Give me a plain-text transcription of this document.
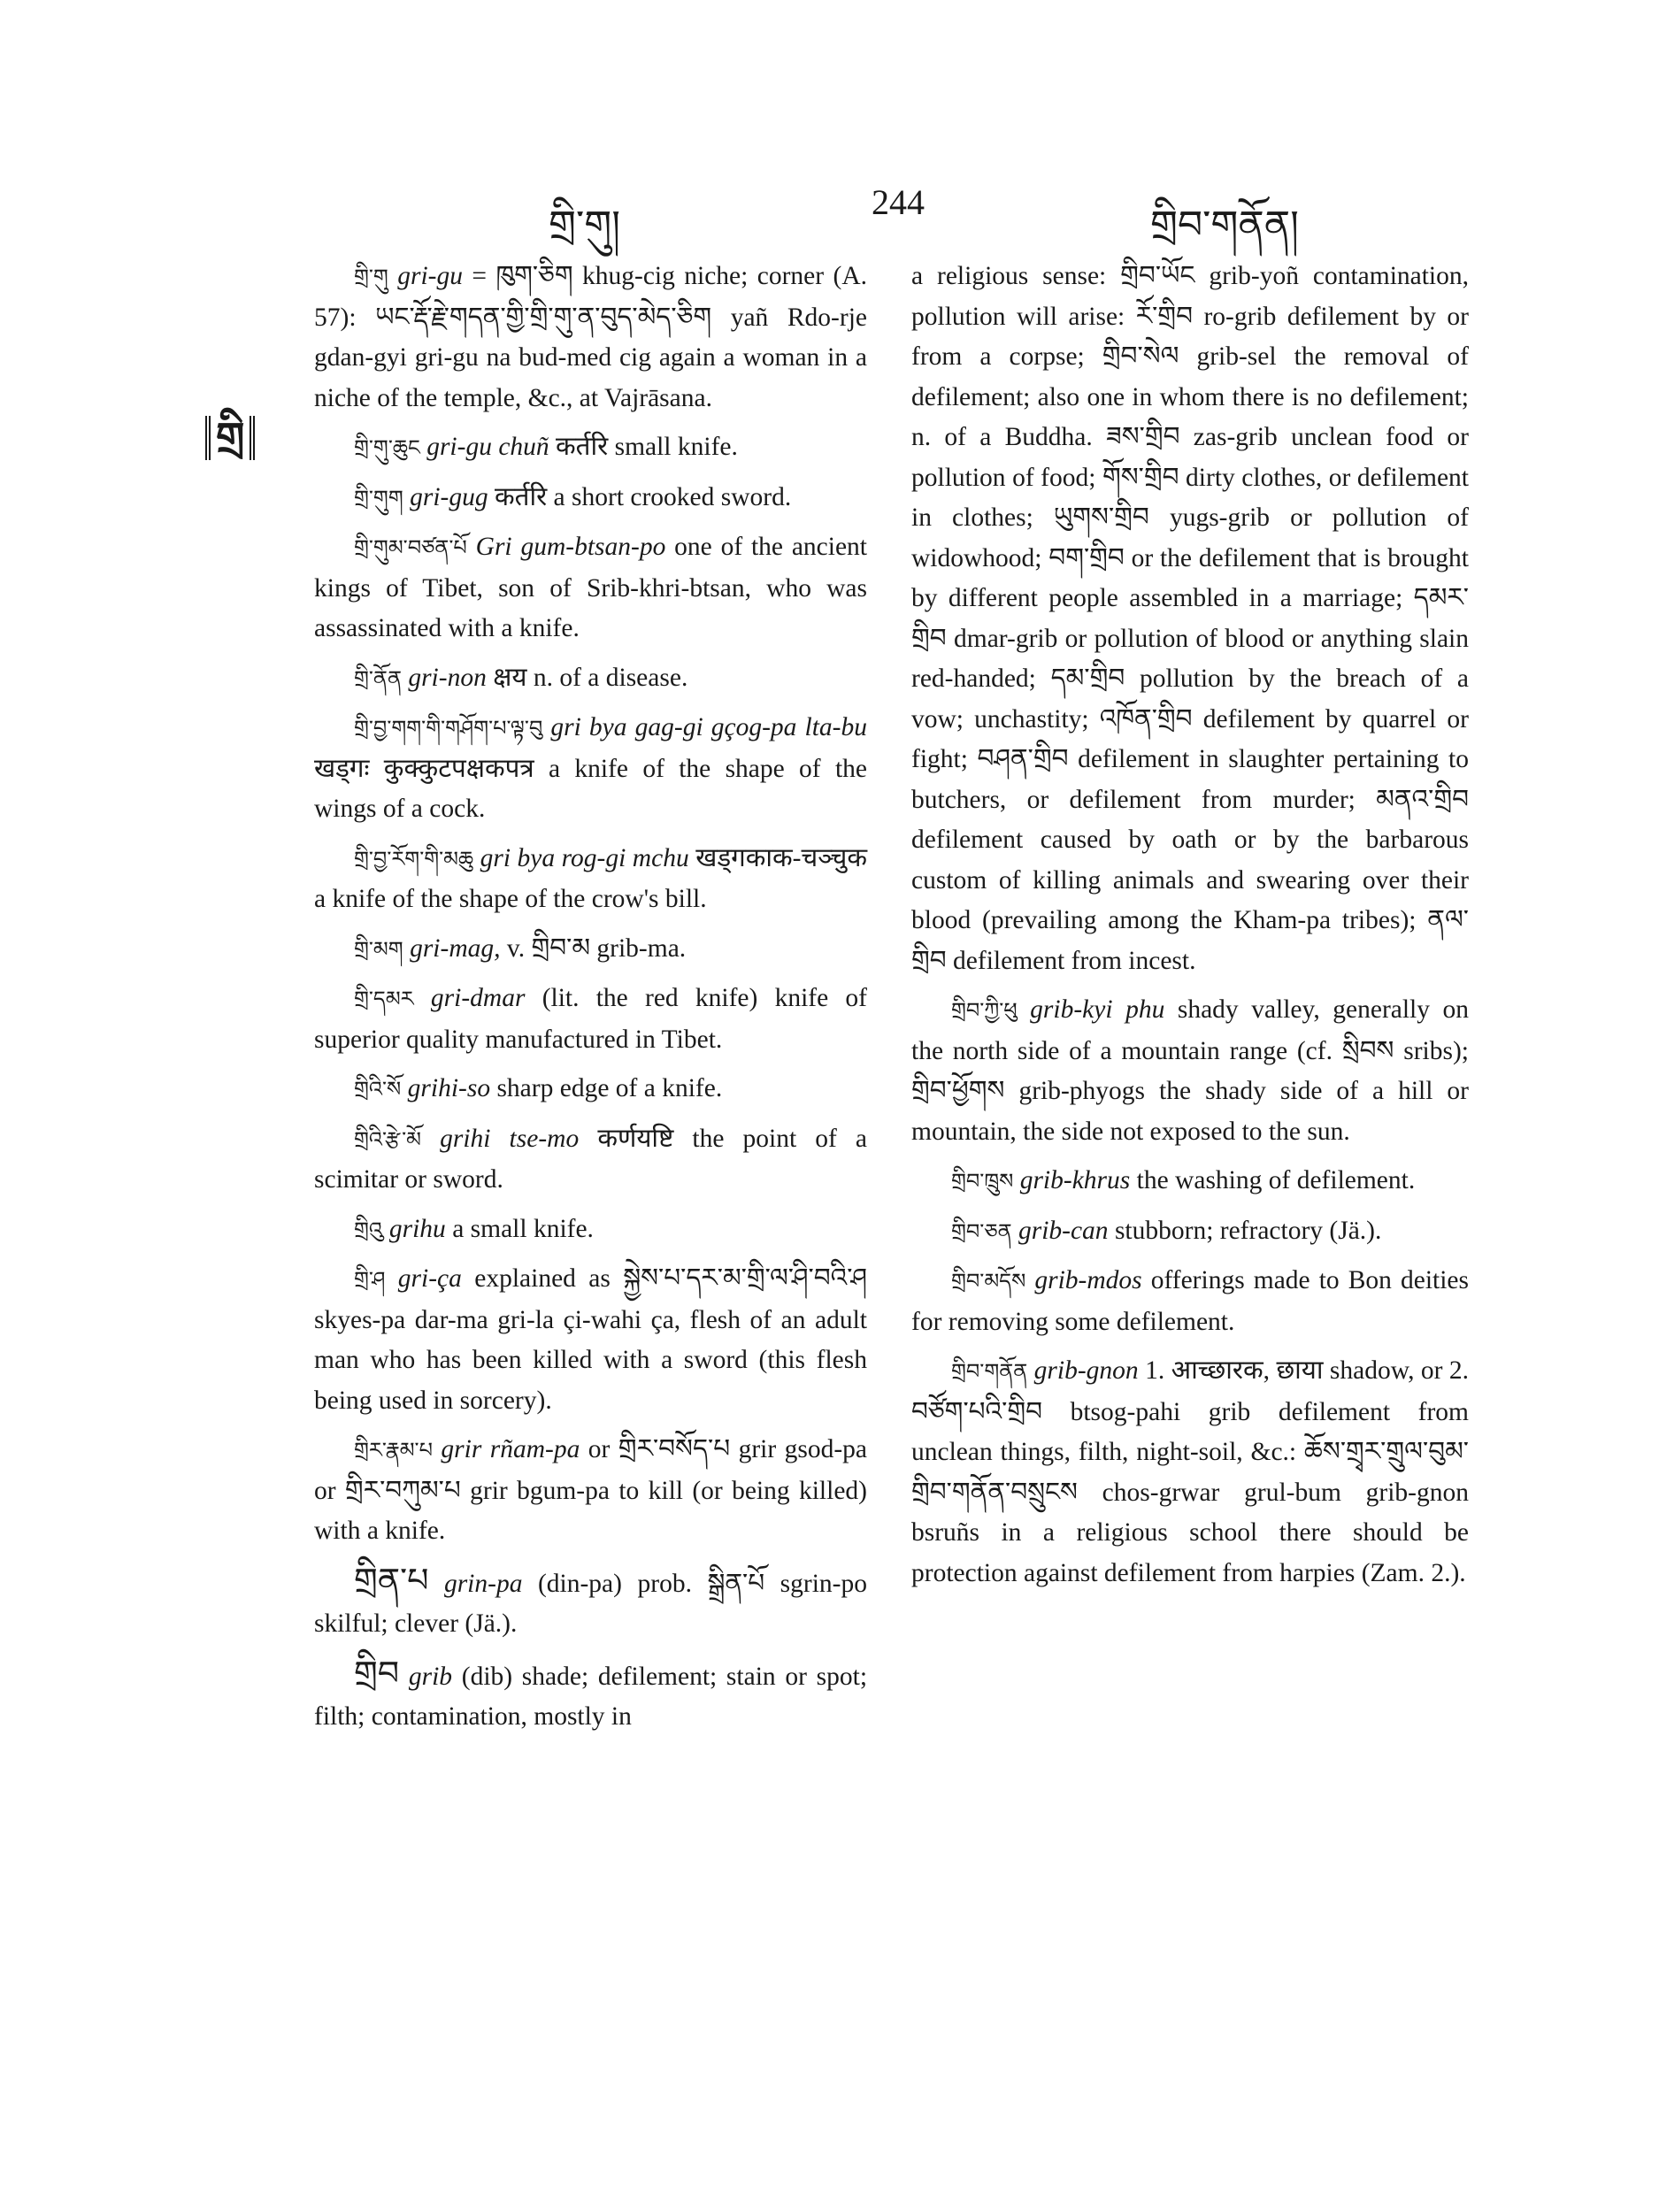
གྲི་གུ།
244
གྲིབ་གནོན།
གྲི

གྲི་གུ gri-gu = ཁུག་ཅིག khug-cig niche; corner (A. 57): ཡང་རྡོ་རྗེ་གདན་གྱི་གྲི་གུ་ན་བུད་མེད་ཅིག yañ Rdo-rje gdan-gyi gri-gu na bud-med cig again a woman in a niche of the temple, &c., at Vajrāsana.

གྲི་གུ་ཆུང gri-gu chuñ कर्तरि small knife.

གྲི་གུག gri-gug कर्तरि a short crooked sword.

གྲི་གུམ་བཙན་པོ Gri gum-btsan-po one of the ancient kings of Tibet, son of Srib-khri-btsan, who was assassinated with a knife.

གྲི་ནོན gri-non क्षय n. of a disease.

གྲི་བྱ་གག་གི་གཤོག་པ་ལྟ་བུ gri bya gag-gi gçog-pa lta-bu खड्गः कुक्कुटपक्षकपत्र a knife of the shape of the wings of a cock.

གྲི་བྱ་རོག་གི་མཆུ gri bya rog-gi mchu खड्गकाक-चञ्चुक a knife of the shape of the crow's bill.

གྲི་མག gri-mag, v. གྲིབ་མ grib-ma.

གྲི་དམར gri-dmar (lit. the red knife) knife of superior quality manufactured in Tibet.

གྲིའི་སོ grihi-so sharp edge of a knife.

གྲིའི་རྩེ་མོ grihi tse-mo कर्णयष्टि the point of a scimitar or sword.

གྲིའུ grihu a small knife.

གྲི་ཤ gri-ça explained as སྐྱེས་པ་དར་མ་གྲི་ལ་ཤི་བའི་ཤ skyes-pa dar-ma gri-la çi-wahi ça, flesh of an adult man who has been killed with a sword (this flesh being used in sorcery).

གྲིར་རྣམ་པ grir rñam-pa or གྲིར་བསོད་པ grir gsod-pa or གྲིར་བཀུམ་པ grir bgum-pa to kill (or being killed) with a knife.

གྲིན་པ grin-pa (din-pa) prob. སྒྲིན་པོ sgrin-po skilful; clever (Jä.).

གྲིབ grib (dib) shade; defilement; stain or spot; filth; contamination, mostly in

a religious sense: གྲིབ་ཡོང grib-yoñ contamination, pollution will arise: རོ་གྲིབ ro-grib defilement by or from a corpse; གྲིབ་སེལ grib-sel the removal of defilement; also one in whom there is no defilement; n. of a Buddha. ཟས་གྲིབ zas-grib unclean food or pollution of food; གོས་གྲིབ dirty clothes, or defilement in clothes; ཡུགས་གྲིབ yugs-grib or pollution of widowhood; བག་གྲིབ or the defilement that is brought by different people assembled in a marriage; དམར་གྲིབ dmar-grib or pollution of blood or anything slain red-handed; དམ་གྲིབ pollution by the breach of a vow; unchastity; འཁོན་གྲིབ defilement by quarrel or fight; བཤན་གྲིབ defilement in slaughter pertaining to butchers, or defilement from murder; མནའ་གྲིབ defilement caused by oath or by the barbarous custom of killing animals and swearing over their blood (prevailing among the Kham-pa tribes); ནལ་གྲིབ defilement from incest.

གྲིབ་ཀྱི་ཕུ grib-kyi phu shady valley, generally on the north side of a mountain range (cf. སྲིབས sribs); གྲིབ་ཕྱོགས grib-phyogs the shady side of a hill or mountain, the side not exposed to the sun.

གྲིབ་ཁྲུས grib-khrus the washing of defilement.

གྲིབ་ཅན grib-can stubborn; refractory (Jä.).

གྲིབ་མདོས grib-mdos offerings made to Bon deities for removing some defilement.

གྲིབ་གནོན grib-gnon 1. आच्छारक, छाया shadow, or 2. བཙོག་པའི་གྲིབ btsog-pahi grib defilement from unclean things, filth, night-soil, &c.: ཆོས་གྲྭར་གྲུལ་བུམ་གྲིབ་གནོན་བསྲུངས chos-grwar grul-bum grib-gnon bsruñs in a religious school there should be protection against defilement from harpies (Zam. 2.).
